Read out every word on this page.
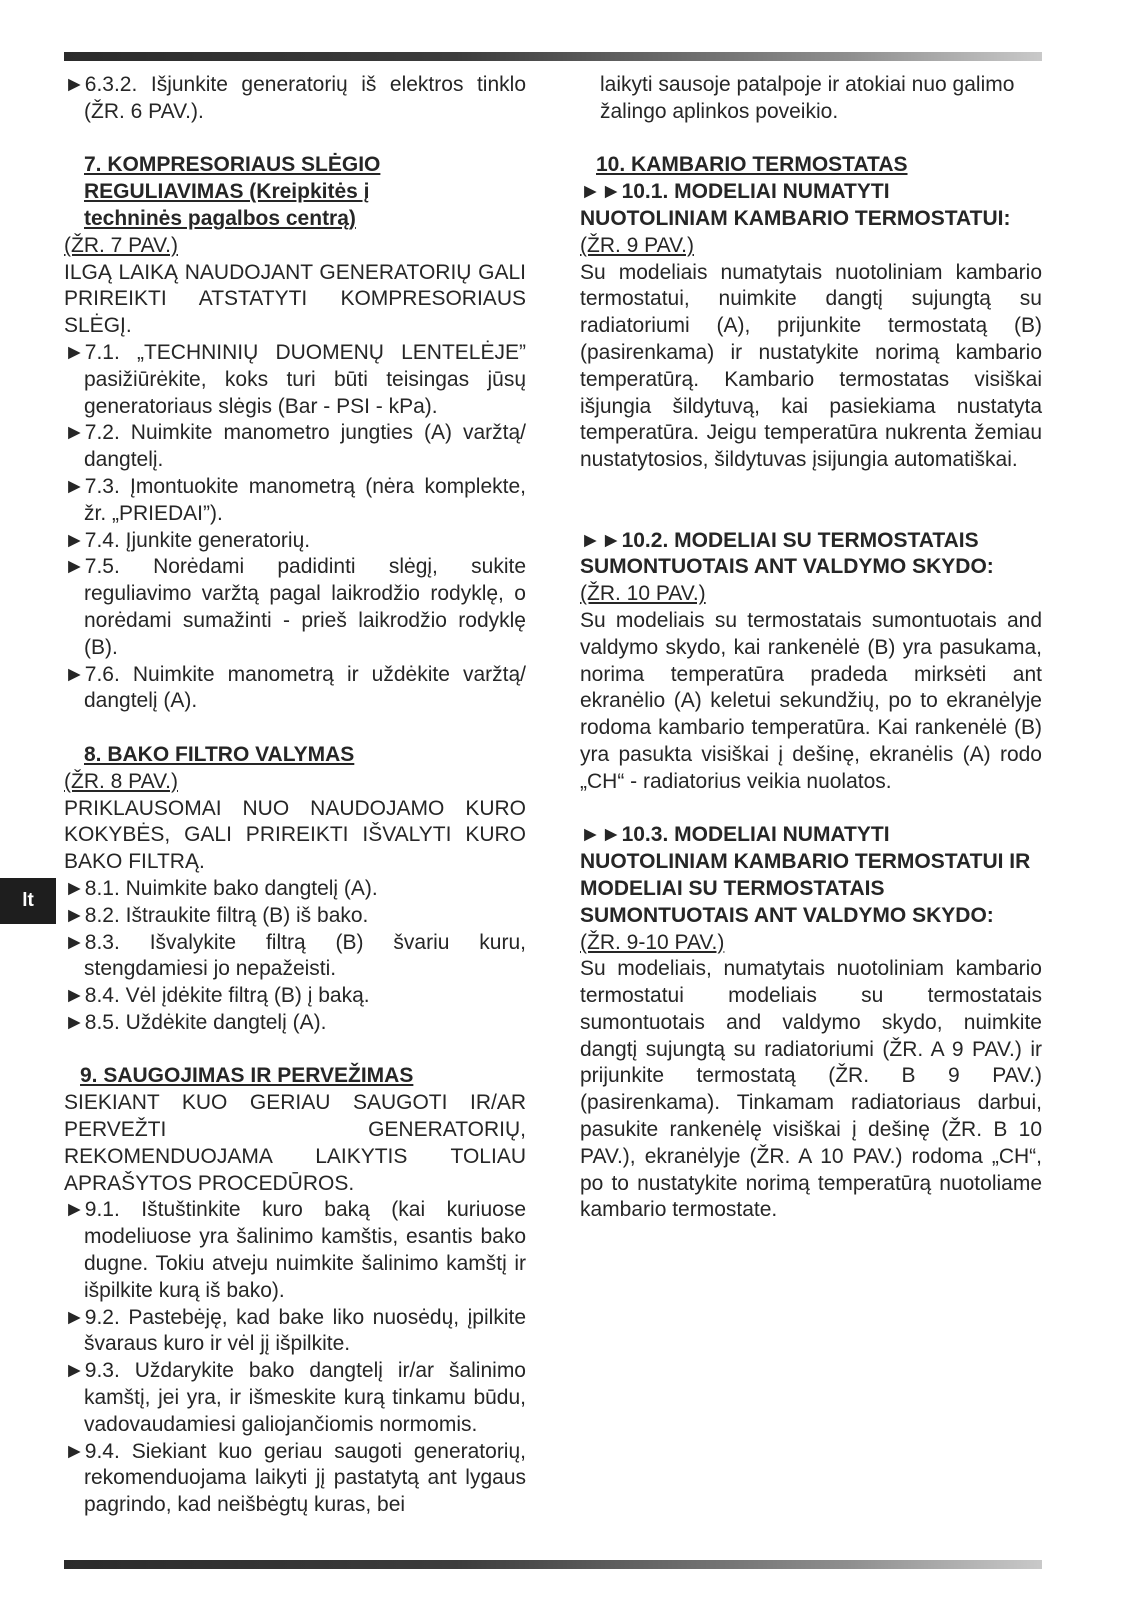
lt

►6.3.2. Išjunkite generatorių iš elektros tinklo (ŽR. 6 PAV.).

7. KOMPRESORIAUS SLĖGIO REGULIAVIMAS (Kreipkitės į techninės pagalbos centrą)

(ŽR. 7 PAV.)

ILGĄ LAIKĄ NAUDOJANT GENERATORIŲ GALI PRIREIKTI ATSTATYTI KOMPRESORIAUS SLĖGĮ.

►7.1. „TECHNINIŲ DUOMENŲ LENTELĖJE” pasižiūrėkite, koks turi būti teisingas jūsų generatoriaus slėgis (Bar - PSI - kPa).

►7.2. Nuimkite manometro jungties (A) varžtą/ dangtelį.

►7.3. Įmontuokite manometrą (nėra komplekte, žr. „PRIEDAI”).

►7.4. Įjunkite generatorių.

►7.5. Norėdami padidinti slėgį, sukite reguliavimo varžtą pagal laikrodžio rodyklę, o norėdami sumažinti - prieš laikrodžio rodyklę (B).

►7.6. Nuimkite manometrą ir uždėkite varžtą/ dangtelį (A).

8. BAKO FILTRO VALYMAS

(ŽR. 8 PAV.)

PRIKLAUSOMAI NUO NAUDOJAMO KURO KOKYBĖS, GALI PRIREIKTI IŠVALYTI KURO BAKO FILTRĄ.

►8.1. Nuimkite bako dangtelį (A).

►8.2. Ištraukite filtrą (B) iš bako.

►8.3. Išvalykite filtrą (B) švariu kuru, stengdamiesi jo nepažeisti.

►8.4. Vėl įdėkite filtrą (B) į baką.

►8.5. Uždėkite dangtelį (A).

9. SAUGOJIMAS IR PERVEŽIMAS

SIEKIANT KUO GERIAU SAUGOTI IR/AR PERVEŽTI GENERATORIŲ, REKOMENDUOJAMA LAIKYTIS TOLIAU APRAŠYTOS PROCEDŪROS.

►9.1. Ištuštinkite kuro baką (kai kuriuose modeliuose yra šalinimo kamštis, esantis bako dugne. Tokiu atveju nuimkite šalinimo kamštį ir išpilkite kurą iš bako).

►9.2. Pastebėję, kad bake liko nuosėdų, įpilkite švaraus kuro ir vėl jį išpilkite.

►9.3. Uždarykite bako dangtelį ir/ar šalinimo kamštį, jei yra, ir išmeskite kurą tinkamu būdu, vadovaudamiesi galiojančiomis normomis.

►9.4. Siekiant kuo geriau saugoti generatorių, rekomenduojama laikyti jį pastatytą ant lygaus pagrindo, kad neišbėgtų kuras, bei

laikyti sausoje patalpoje ir atokiai nuo galimo žalingo aplinkos poveikio.

10. KAMBARIO TERMOSTATAS

►►10.1. MODELIAI NUMATYTI NUOTOLINIAM KAMBARIO TERMOSTATUI:

(ŽR. 9 PAV.)

Su modeliais numatytais nuotoliniam kambario termostatui, nuimkite dangtį sujungtą su radiatoriumi (A), prijunkite termostatą (B) (pasirenkama) ir nustatykite norimą kambario temperatūrą. Kambario termostatas visiškai išjungia šildytuvą, kai pasiekiama nustatyta temperatūra. Jeigu temperatūra nukrenta žemiau nustatytosios, šildytuvas įsijungia automatiškai.

►►10.2. MODELIAI SU TERMOSTATAIS SUMONTUOTAIS ANT VALDYMO SKYDO:

(ŽR. 10 PAV.)

Su modeliais su termostatais sumontuotais and valdymo skydo, kai rankenėlė (B) yra pasukama, norima temperatūra pradeda mirksėti ant ekranėlio (A) keletui sekundžių, po to ekranėlyje rodoma kambario temperatūra. Kai rankenėlė (B) yra pasukta visiškai į dešinę, ekranėlis (A) rodo „CH“ - radiatorius veikia nuolatos.

►►10.3. MODELIAI NUMATYTI NUOTOLINIAM KAMBARIO TERMOSTATUI IR MODELIAI SU TERMOSTATAIS SUMONTUOTAIS ANT VALDYMO SKYDO:

(ŽR. 9-10 PAV.)

Su modeliais, numatytais nuotoliniam kambario termostatui modeliais su termostatais sumontuotais and valdymo skydo, nuimkite dangtį sujungtą su radiatoriumi (ŽR. A 9 PAV.) ir prijunkite termostatą (ŽR. B 9 PAV.) (pasirenkama). Tinkamam radiatoriaus darbui, pasukite rankenėlę visiškai į dešinę (ŽR. B 10 PAV.), ekranėlyje (ŽR. A 10 PAV.) rodoma „CH“, po to nustatykite norimą temperatūrą nuotoliame kambario termostate.
